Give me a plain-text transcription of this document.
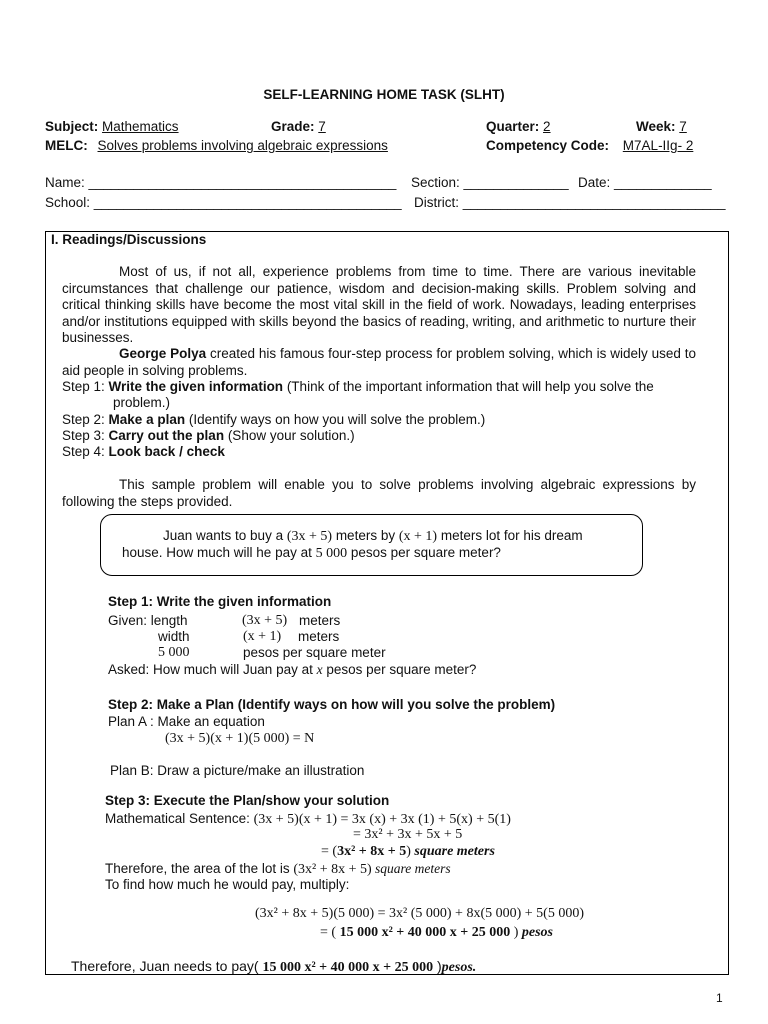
SELF-LEARNING HOME TASK (SLHT)
Subject: Mathematics	Grade: 7	Quarter: 2	Week: 7
MELC: Solves problems involving algebraic expressions	Competency Code: M7AL-IIg- 2
Name: _________________________________________ Section: ______________ Date: _____________
School: _________________________________________ District: ___________________________________
I. Readings/Discussions
Most of us, if not all, experience problems from time to time. There are various inevitable circumstances that challenge our patience, wisdom and decision-making skills. Problem solving and critical thinking skills have become the most vital skill in the field of work. Nowadays, leading enterprises and/or institutions equipped with skills beyond the basics of reading, writing, and arithmetic to nurture their businesses.
George Polya created his famous four-step process for problem solving, which is widely used to aid people in solving problems.
Step 1: Write the given information (Think of the important information that will help you solve the
problem.)
Step 2: Make a plan (Identify ways on how you will solve the problem.)
Step 3: Carry out the plan (Show your solution.)
Step 4: Look back / check
This sample problem will enable you to solve problems involving algebraic expressions by following the steps provided.
Juan wants to buy a (3x + 5) meters by (x + 1) meters lot for his dream
house. How much will he pay at 5 000 pesos per square meter?
Step 1: Write the given information
Given: length	(3x + 5) meters
width	(x + 1) meters
5 000	pesos per square meter
Asked: How much will Juan pay at x pesos per square meter?
Step 2: Make a Plan (Identify ways on how will you solve the problem)
Plan A : Make an equation
(3x + 5)(x + 1)(5 000) = N
Plan B: Draw a picture/make an illustration
Step 3: Execute the Plan/show your solution
Mathematical Sentence: (3x + 5)(x + 1) = 3x (x) + 3x (1) + 5(x) + 5(1)
= 3x² + 3x + 5x + 5
= (3x² + 8x + 5) square meters
Therefore, the area of the lot is (3x² + 8x + 5) square meters
To find how much he would pay, multiply:
(3x² + 8x + 5)(5 000) = 3x² (5 000) + 8x(5 000) + 5(5 000)
= ( 15 000 x² + 40 000 x + 25 000 ) pesos
Therefore, Juan needs to pay( 15 000 x² + 40 000 x + 25 000 )pesos.
1
